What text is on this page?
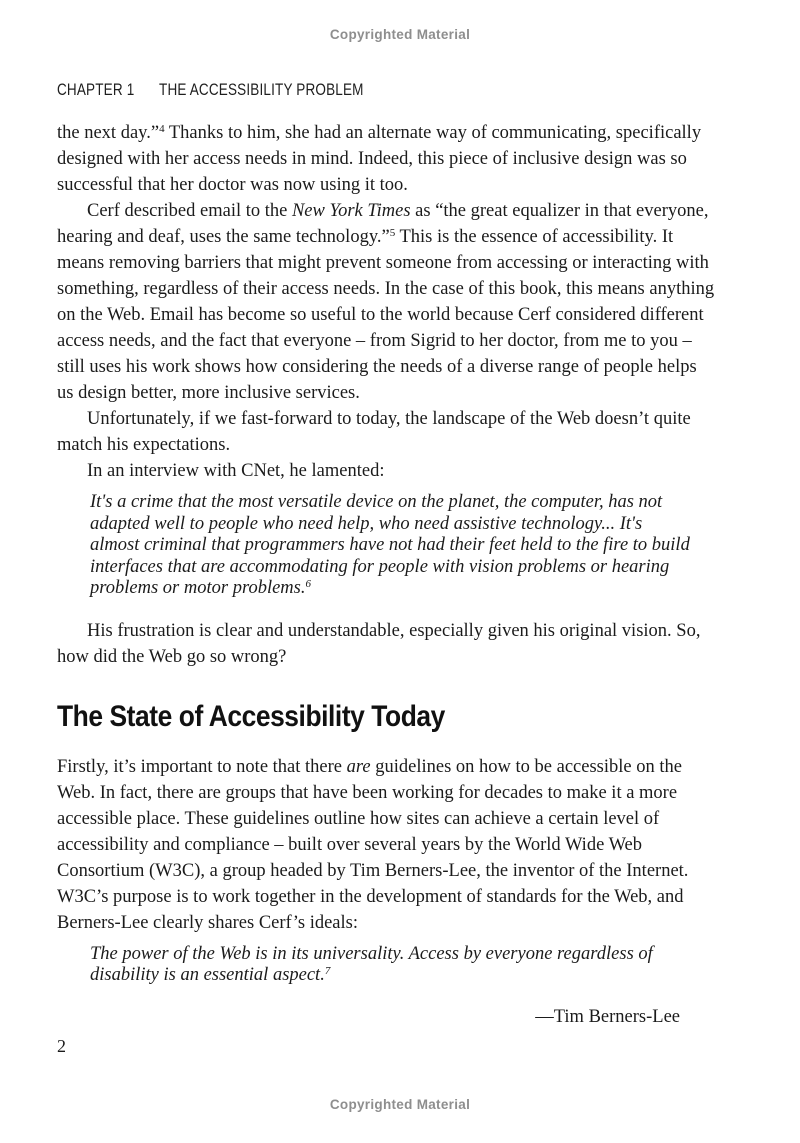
Copyrighted Material
CHAPTER 1 THE ACCESSIBILITY PROBLEM

the next day.”$^4$ Thanks to him, she had an alternate way of communicating, specifically designed with her access needs in mind. Indeed, this piece of inclusive design was so successful that her doctor was now using it too.

Cerf described email to the New York Times as “the great equalizer in that everyone, hearing and deaf, uses the same technology.”$^5$ This is the essence of accessibility. It means removing barriers that might prevent someone from accessing or interacting with something, regardless of their access needs. In the case of this book, this means anything on the Web. Email has become so useful to the world because Cerf considered different access needs, and the fact that everyone – from Sigrid to her doctor, from me to you – still uses his work shows how considering the needs of a diverse range of people helps us design better, more inclusive services.

Unfortunately, if we fast-forward to today, the landscape of the Web doesn’t quite match his expectations.

In an interview with CNet, he lamented:

It's a crime that the most versatile device on the planet, the computer, has not adapted well to people who need help, who need assistive technology... It's almost criminal that programmers have not had their feet held to the fire to build interfaces that are accommodating for people with vision problems or hearing problems or motor problems.$^6$

His frustration is clear and understandable, especially given his original vision. So, how did the Web go so wrong?

The State of Accessibility Today

Firstly, it’s important to note that there are guidelines on how to be accessible on the Web. In fact, there are groups that have been working for decades to make it a more accessible place. These guidelines outline how sites can achieve a certain level of accessibility and compliance – built over several years by the World Wide Web Consortium (W3C), a group headed by Tim Berners-Lee, the inventor of the Internet. W3C’s purpose is to work together in the development of standards for the Web, and Berners-Lee clearly shares Cerf’s ideals:

The power of the Web is in its universality. Access by everyone regardless of disability is an essential aspect.$^7$
—Tim Berners-Lee
2
Copyrighted Material
